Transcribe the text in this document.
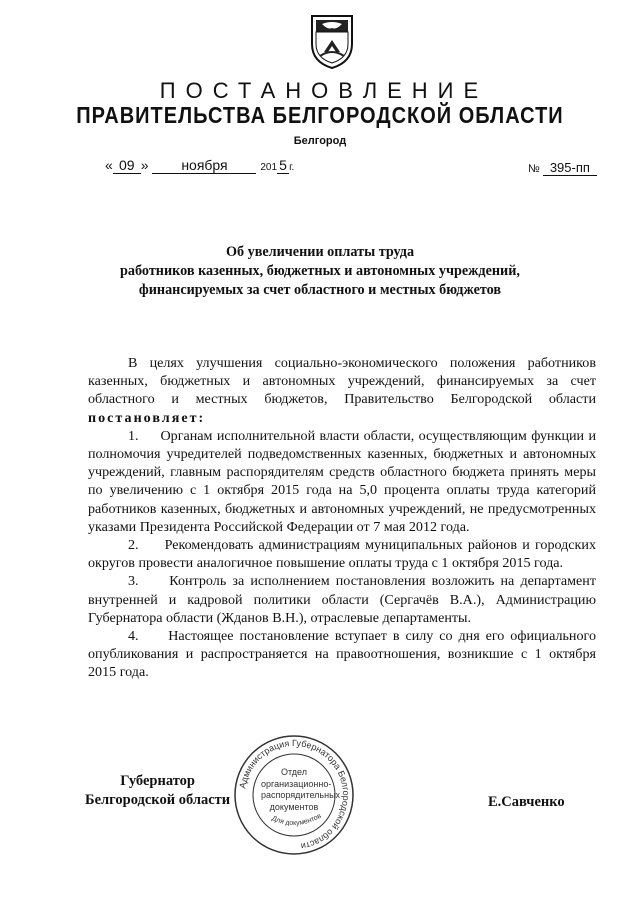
ПОСТАНОВЛЕНИЕ
ПРАВИТЕЛЬСТВА БЕЛГОРОДСКОЙ ОБЛАСТИ
Белгород
« 09 » ноября	201 5 г.	№ 395-пп
Об увеличении оплаты труда
работников казенных, бюджетных и автономных учреждений,
финансируемых за счет областного и местных бюджетов

В целях улучшения социально-экономического положения работников казенных, бюджетных и автономных учреждений, финансируемых за счет областного и местных бюджетов, Правительство Белгородской области постановляет:

1.     Органам исполнительной власти области, осуществляющим функции и полномочия учредителей подведомственных казенных, бюджетных и автономных учреждений, главным распорядителям средств областного бюджета принять меры по увеличению с 1 октября 2015 года на 5,0 процента оплаты труда категорий работников казенных, бюджетных и автономных учреждений, не предусмотренных указами Президента Российской Федерации от 7 мая 2012 года.

2.     Рекомендовать администрациям муниципальных районов и городских округов провести аналогичное повышение оплаты труда с 1 октября 2015 года.

3.     Контроль за исполнением постановления возложить на департамент внутренней и кадровой политики области (Сергачёв В.А.), Администрацию Губернатора области (Жданов В.Н.), отраслевые департаменты.

4.     Настоящее постановление вступает в силу со дня его официального опубликования и распространяется на правоотношения, возникшие с 1 октября 2015 года.

Губернатор
Белгородской области	Е.Савченко
Администрация Губернатора Белгородской области
Для документов
Отдел
организационно-
распорядительных
документов
